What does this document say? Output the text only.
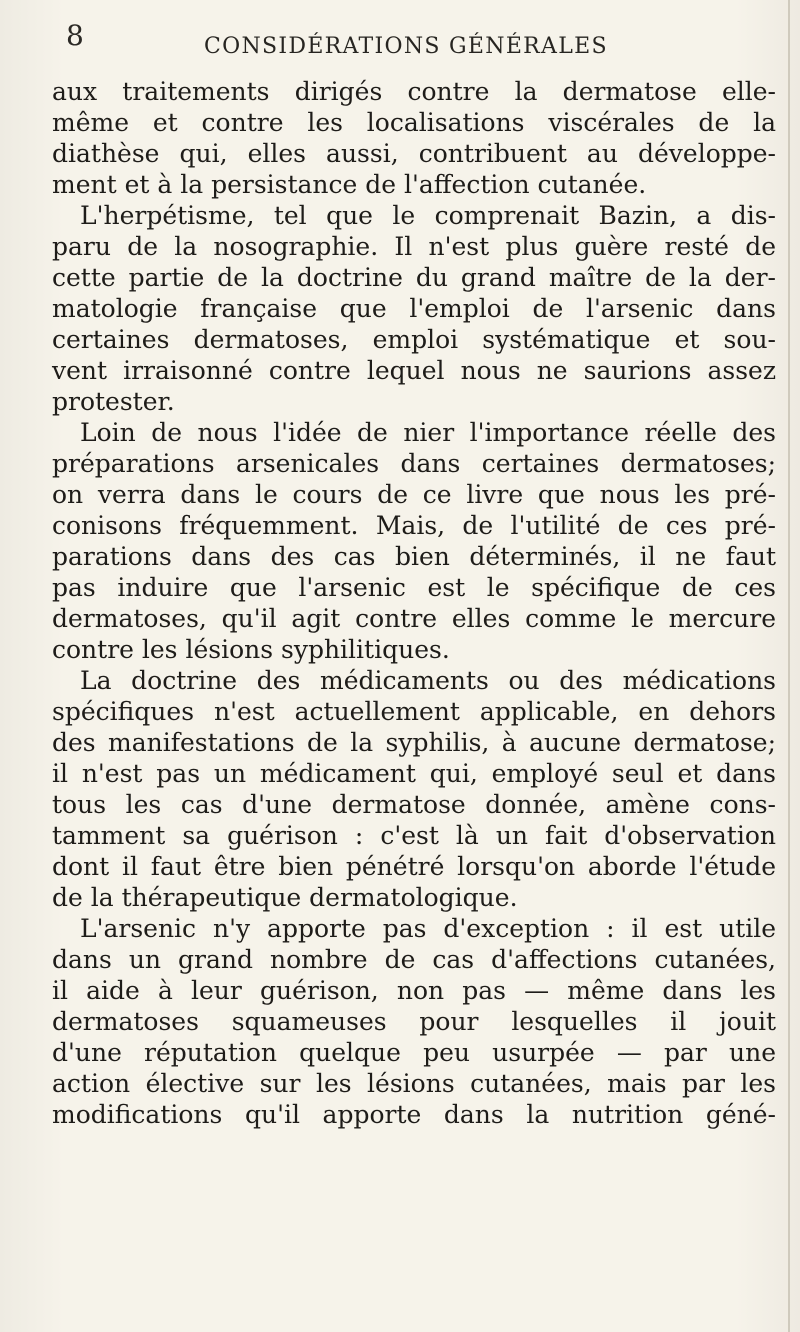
8	CONSIDÉRATIONS GÉNÉRALES
aux traitements dirigés contre la dermatose elle-
même et contre les localisations viscérales de la
diathèse qui, elles aussi, contribuent au développe-
ment et à la persistance de l'affection cutanée.
L'herpétisme, tel que le comprenait Bazin, a dis-
paru de la nosographie. Il n'est plus guère resté de
cette partie de la doctrine du grand maître de la der-
matologie française que l'emploi de l'arsenic dans
certaines dermatoses, emploi systématique et sou-
vent irraisonné contre lequel nous ne saurions assez
protester.
Loin de nous l'idée de nier l'importance réelle des
préparations arsenicales dans certaines dermatoses;
on verra dans le cours de ce livre que nous les pré-
conisons fréquemment. Mais, de l'utilité de ces pré-
parations dans des cas bien déterminés, il ne faut
pas induire que l'arsenic est le spécifique de ces
dermatoses, qu'il agit contre elles comme le mercure
contre les lésions syphilitiques.
La doctrine des médicaments ou des médications
spécifiques n'est actuellement applicable, en dehors
des manifestations de la syphilis, à aucune dermatose;
il n'est pas un médicament qui, employé seul et dans
tous les cas d'une dermatose donnée, amène cons-
tamment sa guérison : c'est là un fait d'observation
dont il faut être bien pénétré lorsqu'on aborde l'étude
de la thérapeutique dermatologique.
L'arsenic n'y apporte pas d'exception : il est utile
dans un grand nombre de cas d'affections cutanées,
il aide à leur guérison, non pas — même dans les
dermatoses squameuses pour lesquelles il jouit
d'une réputation quelque peu usurpée — par une
action élective sur les lésions cutanées, mais par les
modifications qu'il apporte dans la nutrition géné-
